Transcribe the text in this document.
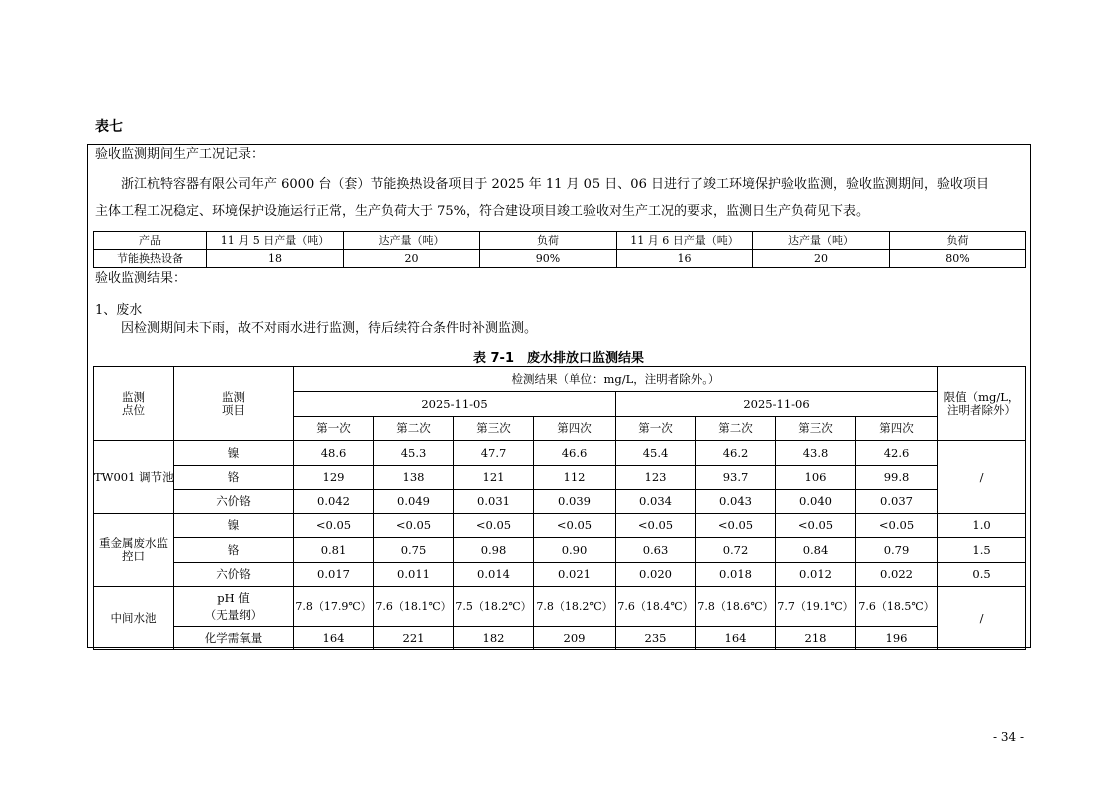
表七
验收监测期间生产工况记录：
浙江杭特容器有限公司年产 6000 台（套）节能换热设备项目于 2025 年 11 月 05 日、06 日进行了竣工环境保护验收监测，验收监测期间，验收项目
主体工程工况稳定、环境保护设施运行正常，生产负荷大于 75%，符合建设项目竣工验收对生产工况的要求，监测日生产负荷见下表。
产品	11 月 5 日产量（吨）	达产量（吨）	负荷	11 月 6 日产量（吨）	达产量（吨）	负荷
节能换热设备	18	20	90%	16	20	80%
验收监测结果：
1、废水
因检测期间未下雨，故不对雨水进行监测，待后续符合条件时补测监测。
表 7-1　废水排放口监测结果
监测
点位	监测
项目	检测结果（单位：mg/L，注明者除外。）								限值（mg/L，注明者除外）
		2025-11-05				2025-11-06				
		第一次	第二次	第三次	第四次	第一次	第二次	第三次	第四次	
TW001 调节池	镍	48.6	45.3	47.7	46.6	45.4	46.2	43.8	42.6	/
	铬	129	138	121	112	123	93.7	106	99.8	
	六价铬	0.042	0.049	0.031	0.039	0.034	0.043	0.040	0.037	
重金属废水监控口	镍	<0.05	<0.05	<0.05	<0.05	<0.05	<0.05	<0.05	<0.05	1.0
	铬	0.81	0.75	0.98	0.90	0.63	0.72	0.84	0.79	1.5
	六价铬	0.017	0.011	0.014	0.021	0.020	0.018	0.012	0.022	0.5
中间水池	pH 值
（无量纲）	7.8（17.9℃）	7.6（18.1℃）	7.5（18.2℃）	7.8（18.2℃）	7.6（18.4℃）	7.8（18.6℃）	7.7（19.1℃）	7.6（18.5℃）	/
	化学需氧量	164	221	182	209	235	164	218	196	
- 34 -
